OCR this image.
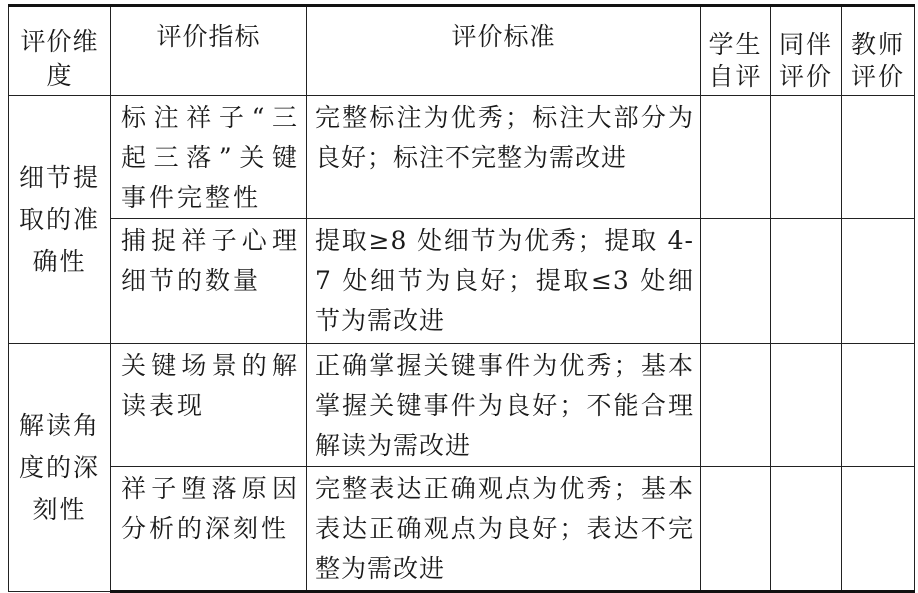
评价维度	评价指标	评价标准	学生自评	同伴评价	教师评价
细节提取的准确性	标注祥子“三起三落”关键事件完整性	完整标注为优秀；标注大部分为良好；标注不完整为需改进			
	捕捉祥子心理细节的数量	提取≥8 处细节为优秀；提取 4-7 处细节为良好；提取≤3 处细节为需改进			
解读角度的深刻性	关键场景的解读表现	正确掌握关键事件为优秀；基本掌握关键事件为良好；不能合理解读为需改进			
	祥子堕落原因分析的深刻性	完整表达正确观点为优秀；基本表达正确观点为良好；表达不完整为需改进			
